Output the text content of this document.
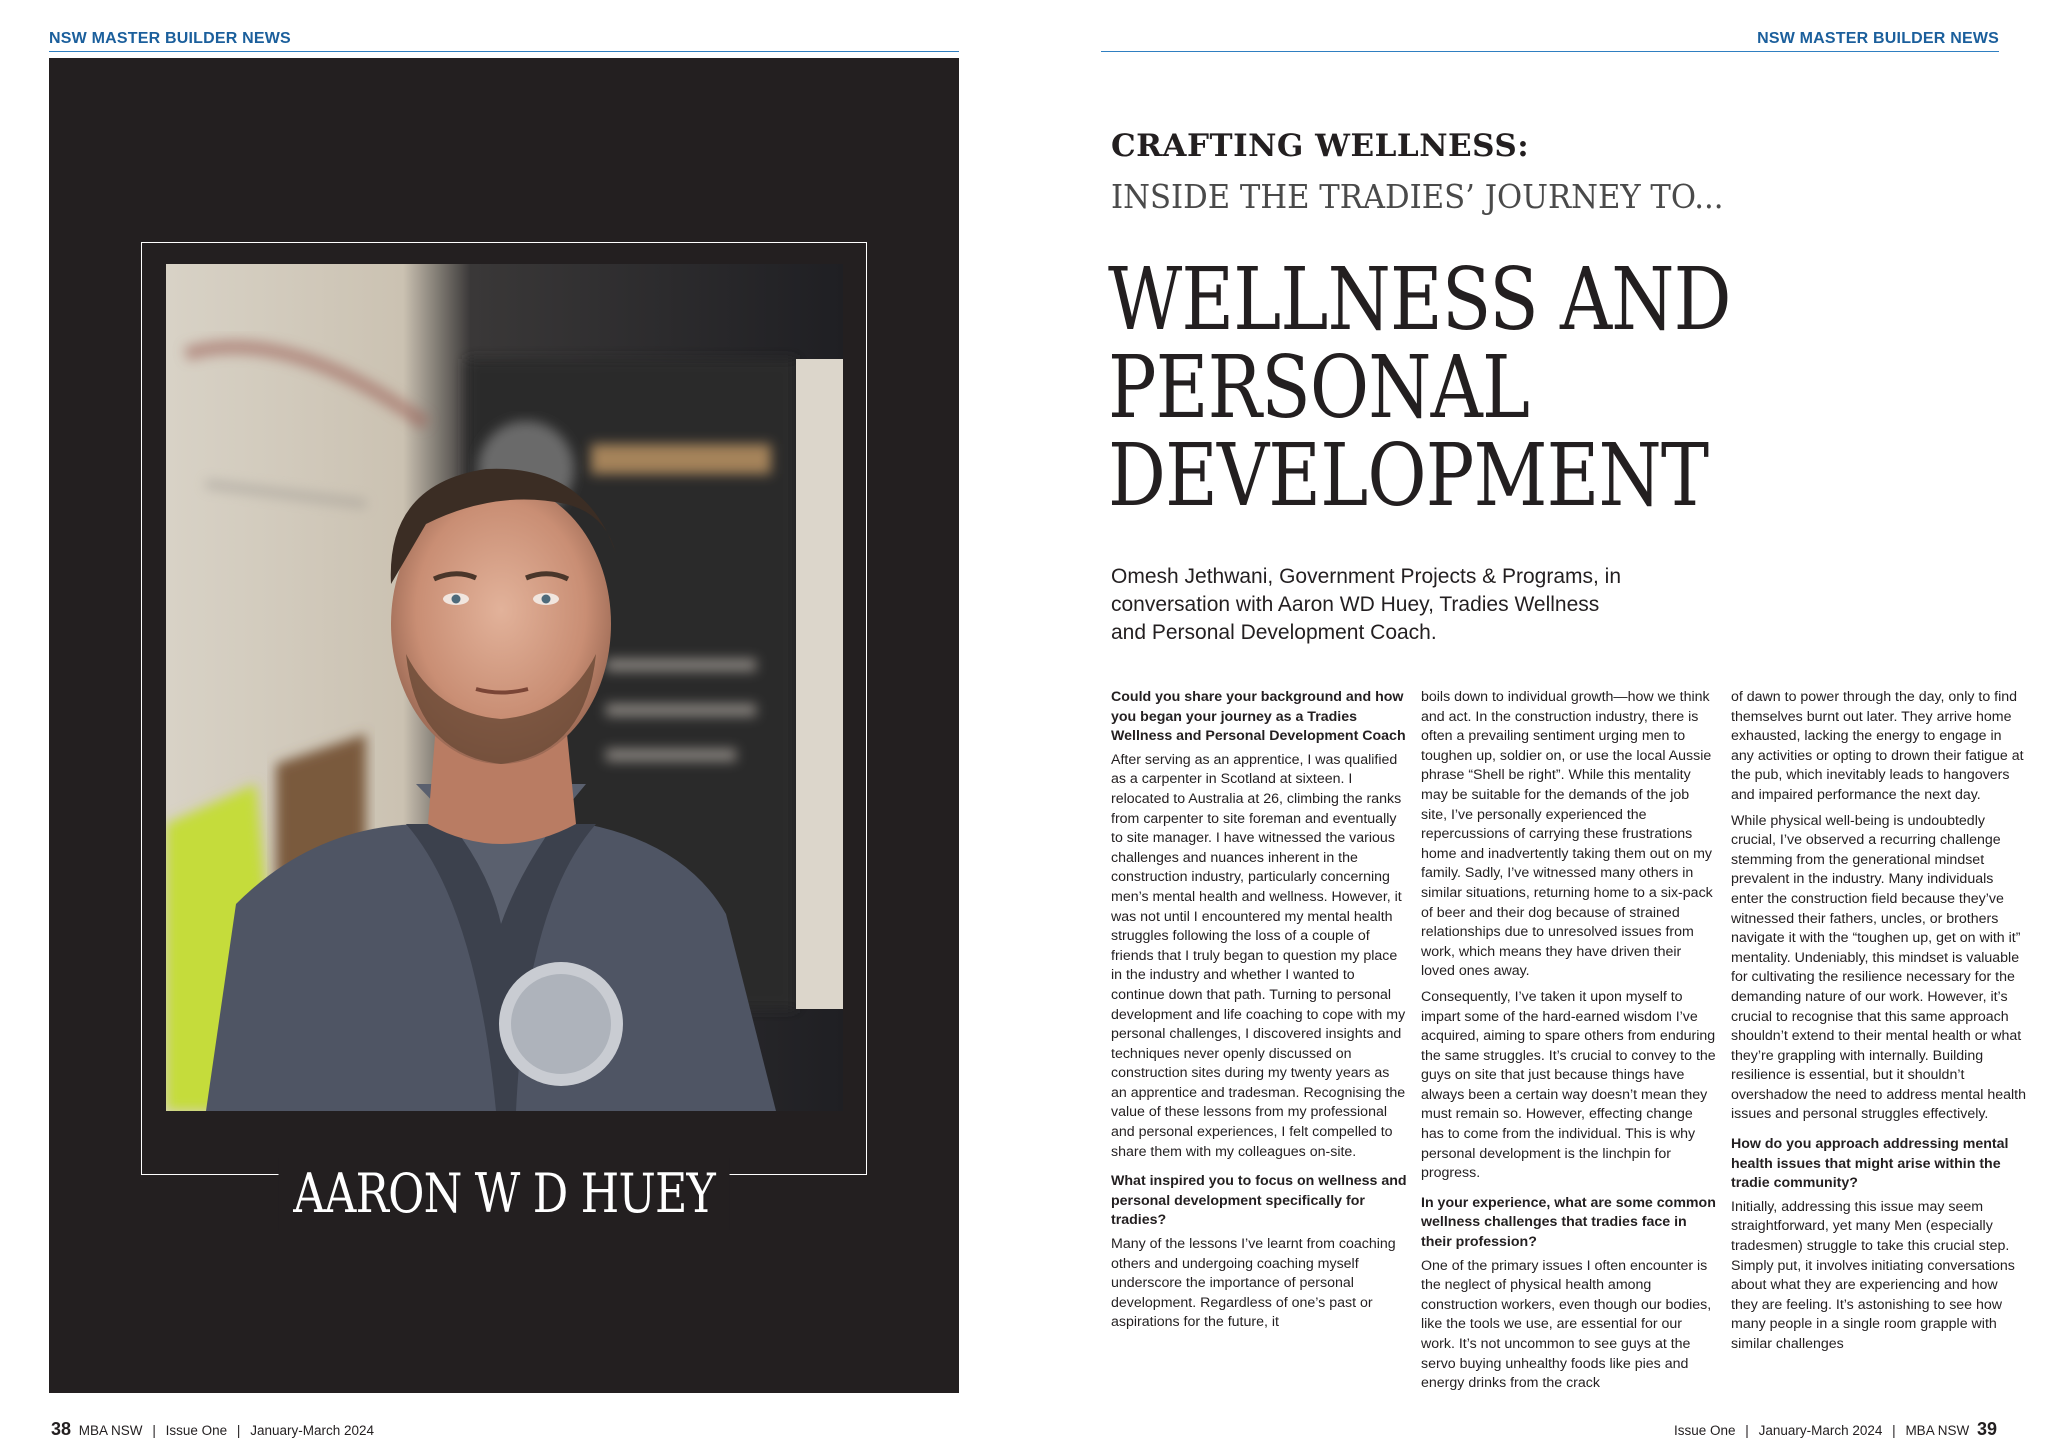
NSW MASTER BUILDER NEWS	NSW MASTER BUILDER NEWS
AARON W D HUEY
CRAFTING WELLNESS:
INSIDE THE TRADIES’ JOURNEY TO...
WELLNESS AND
PERSONAL
DEVELOPMENT
Omesh Jethwani, Government Projects & Programs, in conversation with Aaron WD Huey, Tradies Wellness and Personal Development Coach.

Could you share your background and how you began your journey as a Tradies Wellness and Personal Development Coach

After serving as an apprentice, I was qualified as a carpenter in Scotland at sixteen. I relocated to Australia at 26, climbing the ranks from carpenter to site foreman and eventually to site manager. I have witnessed the various challenges and nuances inherent in the construction industry, particularly concerning men’s mental health and wellness. However, it was not until I encountered my mental health struggles following the loss of a couple of friends that I truly began to question my place in the industry and whether I wanted to continue down that path. Turning to personal development and life coaching to cope with my personal challenges, I discovered insights and techniques never openly discussed on construction sites during my twenty years as an apprentice and tradesman. Recognising the value of these lessons from my professional and personal experiences, I felt compelled to share them with my colleagues on-site.

What inspired you to focus on wellness and personal development specifically for tradies?

Many of the lessons I’ve learnt from coaching others and undergoing coaching myself underscore the importance of personal development. Regardless of one’s past or aspirations for the future, it

boils down to individual growth—how we think and act. In the construction industry, there is often a prevailing sentiment urging men to toughen up, soldier on, or use the local Aussie phrase “Shell be right”. While this mentality may be suitable for the demands of the job site, I’ve personally experienced the repercussions of carrying these frustrations home and inadvertently taking them out on my family. Sadly, I’ve witnessed many others in similar situations, returning home to a six-pack of beer and their dog because of strained relationships due to unresolved issues from work, which means they have driven their loved ones away.

Consequently, I’ve taken it upon myself to impart some of the hard-earned wisdom I’ve acquired, aiming to spare others from enduring the same struggles. It’s crucial to convey to the guys on site that just because things have always been a certain way doesn’t mean they must remain so. However, effecting change has to come from the individual. This is why personal development is the linchpin for progress.

In your experience, what are some common wellness challenges that tradies face in their profession?

One of the primary issues I often encounter is the neglect of physical health among construction workers, even though our bodies, like the tools we use, are essential for our work. It’s not uncommon to see guys at the servo buying unhealthy foods like pies and energy drinks from the crack

of dawn to power through the day, only to find themselves burnt out later. They arrive home exhausted, lacking the energy to engage in any activities or opting to drown their fatigue at the pub, which inevitably leads to hangovers and impaired performance the next day.

While physical well-being is undoubtedly crucial, I’ve observed a recurring challenge stemming from the generational mindset prevalent in the industry. Many individuals enter the construction field because they’ve witnessed their fathers, uncles, or brothers navigate it with the “toughen up, get on with it” mentality. Undeniably, this mindset is valuable for cultivating the resilience necessary for the demanding nature of our work. However, it’s crucial to recognise that this same approach shouldn’t extend to their mental health or what they’re grappling with internally. Building resilience is essential, but it shouldn’t overshadow the need to address mental health issues and personal struggles effectively.

How do you approach addressing mental health issues that might arise within the tradie community?

Initially, addressing this issue may seem straightforward, yet many Men (especially tradesmen) struggle to take this crucial step. Simply put, it involves initiating conversations about what they are experiencing and how they are feeling. It’s astonishing to see how many people in a single room grapple with similar challenges

38 MBA NSW | Issue One | January-March 2024	Issue One | January-March 2024 | MBA NSW 39
